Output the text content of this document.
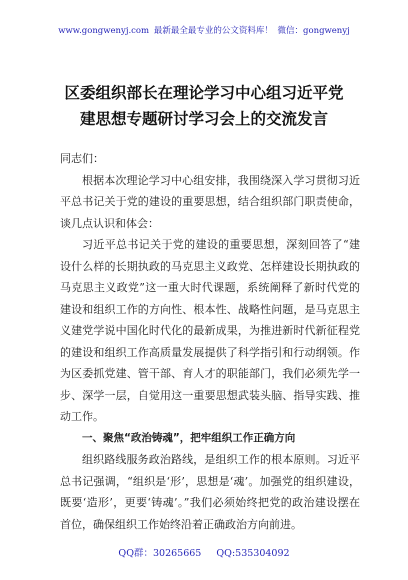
www.gongwenyj.com 最新最全最专业的公文资料库！ 微信：gongwenyj
区委组织部长在理论学习中心组习近平党
建思想专题研讨学习会上的交流发言

同志们：

根据本次理论学习中心组安排，我围绕深入学习贯彻习近平总书记关于党的建设的重要思想，结合组织部门职责使命，谈几点认识和体会：

习近平总书记关于党的建设的重要思想，深刻回答了“建设什么样的长期执政的马克思主义政党、怎样建设长期执政的马克思主义政党”这一重大时代课题，系统阐释了新时代党的建设和组织工作的方向性、根本性、战略性问题，是马克思主义建党学说中国化时代化的最新成果，为推进新时代新征程党的建设和组织工作高质量发展提供了科学指引和行动纲领。作为区委抓党建、管干部、育人才的职能部门，我们必须先学一步、深学一层，自觉用这一重要思想武装头脑、指导实践、推动工作。

一、聚焦“政治铸魂”，把牢组织工作正确方向

组织路线服务政治路线，是组织工作的根本原则。习近平总书记强调，“组织是‘形’，思想是‘魂’。加强党的组织建设，既要‘造形’，更要‘铸魂’。”我们必须始终把党的政治建设摆在首位，确保组织工作始终沿着正确政治方向前进。

QQ群：30265665 QQ:535304092
